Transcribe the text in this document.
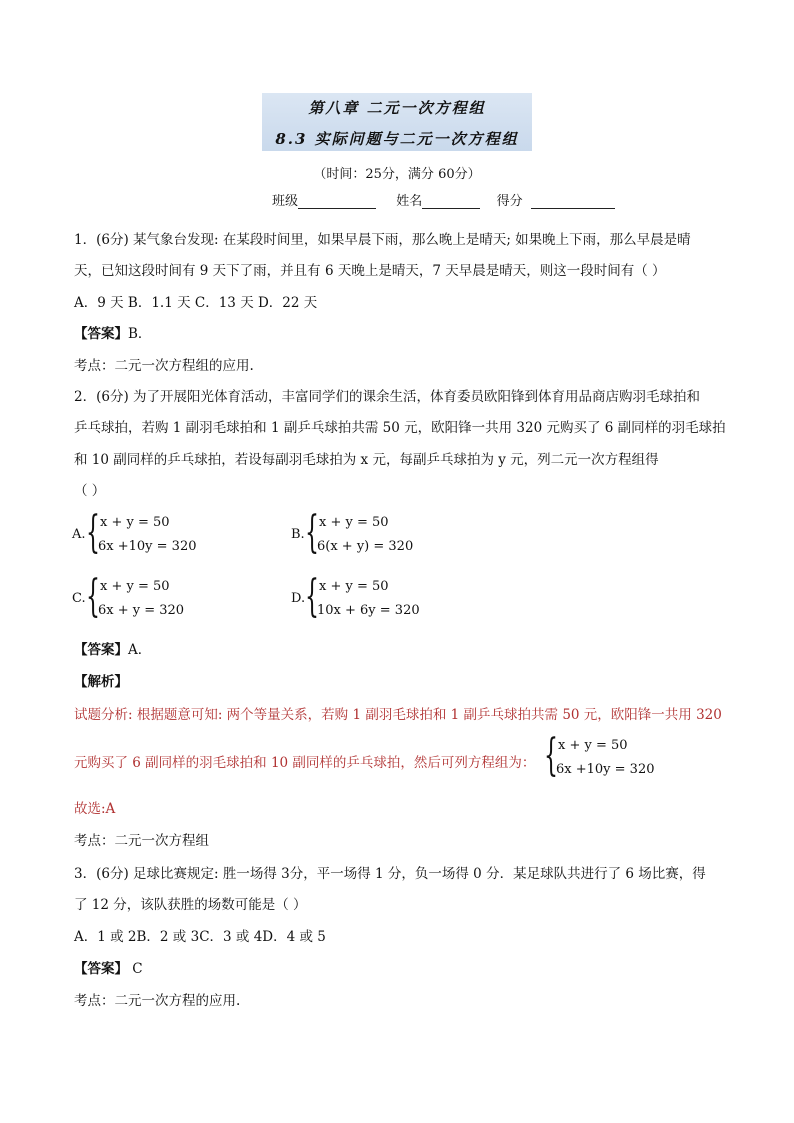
第八章 二元一次方程组
8.3 实际问题与二元一次方程组
（时间：25分，满分 60分）
班级	姓名	得分
1．(6分) 某气象台发现: 在某段时间里，如果早晨下雨，那么晚上是晴天; 如果晚上下雨，那么早晨是晴
天，已知这段时间有 9 天下了雨，并且有 6 天晚上是晴天，7 天早晨是晴天，则这一段时间有（ ）
A．9 天 B．1.1 天 C．13 天 D．22 天
【答案】B．
考点：二元一次方程组的应用.
2．(6分) 为了开展阳光体育活动，丰富同学们的课余生活，体育委员欧阳锋到体育用品商店购羽毛球拍和
乒乓球拍，若购 1 副羽毛球拍和 1 副乒乓球拍共需 50 元，欧阳锋一共用 320 元购买了 6 副同样的羽毛球拍
和 10 副同样的乒乓球拍，若设每副羽毛球拍为 x 元，每副乒乓球拍为 y 元，列二元一次方程组得
（ ）
A. { x + y = 50
6x +10y = 320
B. { x + y = 50
6(x + y) = 320
C. { x + y = 50
6x + y = 320
D. { x + y = 50
10x + 6y = 320
【答案】A．
【解析】
试题分析: 根据题意可知: 两个等量关系，若购 1 副羽毛球拍和 1 副乒乓球拍共需 50 元，欧阳锋一共用 320
元购买了 6 副同样的羽毛球拍和 10 副同样的乒乓球拍，然后可列方程组为： { x + y = 50
6x +10y = 320
故选:A
考点：二元一次方程组
3．(6分) 足球比赛规定: 胜一场得 3分，平一场得 1 分，负一场得 0 分．某足球队共进行了 6 场比赛，得
了 12 分，该队获胜的场数可能是（ ）
A．1 或 2B．2 或 3C．3 或 4D．4 或 5
【答案】 C
考点：二元一次方程的应用.
